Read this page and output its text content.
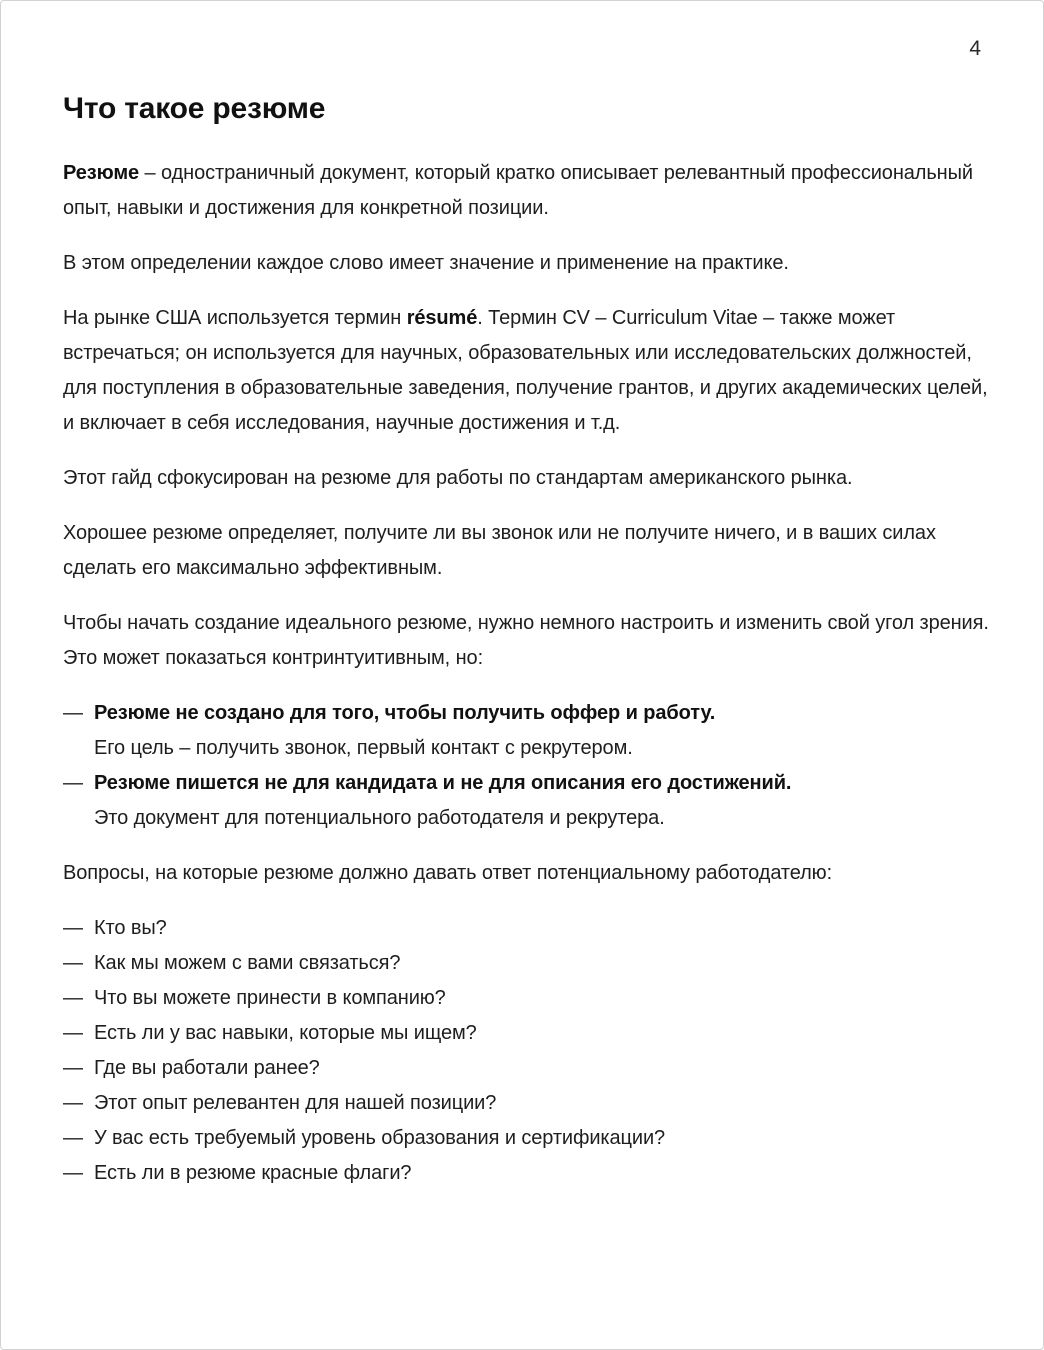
4
Что такое резюме

Резюме – одностраничный документ, который кратко описывает релевантный профессиональный опыт, навыки и достижения для конкретной позиции.

В этом определении каждое слово имеет значение и применение на практике.

На рынке США используется термин résumé. Термин CV – Curriculum Vitae – также может встречаться; он используется для научных, образовательных или исследовательских должностей, для поступления в образовательные заведения, получение грантов, и других академических целей, и включает в себя исследования, научные достижения и т.д.

Этот гайд сфокусирован на резюме для работы по стандартам американского рынка.

Хорошее резюме определяет, получите ли вы звонок или не получите ничего, и в ваших силах сделать его максимально эффективным.

Чтобы начать создание идеального резюме, нужно немного настроить и изменить свой угол зрения. Это может показаться контринтуитивным, но:

— Резюме не создано для того, чтобы получить оффер и работу.
Его цель – получить звонок, первый контакт с рекрутером.
— Резюме пишется не для кандидата и не для описания его достижений.
Это документ для потенциального работодателя и рекрутера.

Вопросы, на которые резюме должно давать ответ потенциальному работодателю:

— Кто вы?
— Как мы можем с вами связаться?
— Что вы можете принести в компанию?
— Есть ли у вас навыки, которые мы ищем?
— Где вы работали ранее?
— Этот опыт релевантен для нашей позиции?
— У вас есть требуемый уровень образования и сертификации?
— Есть ли в резюме красные флаги?
